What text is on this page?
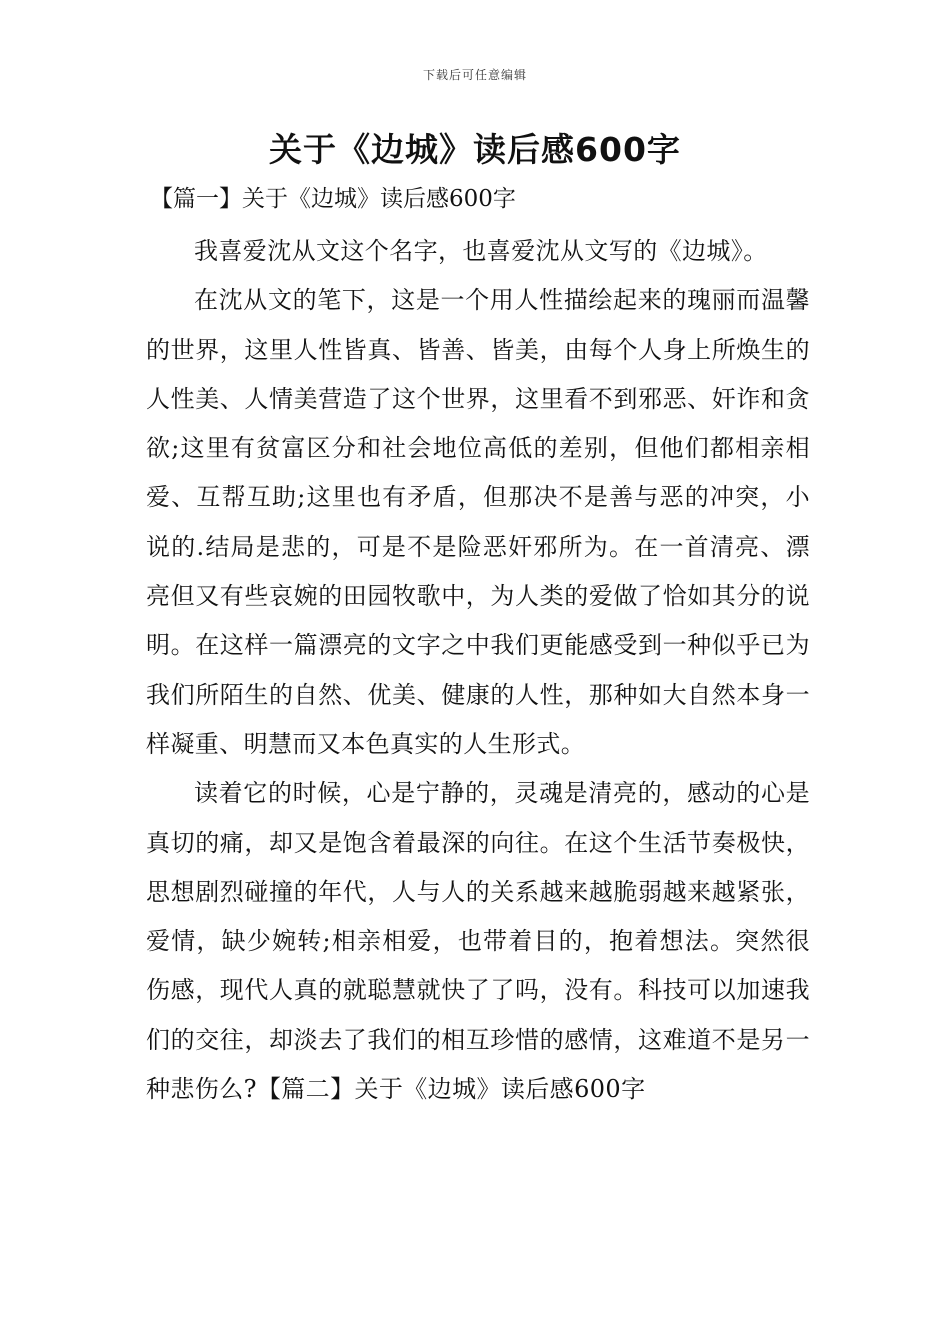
下载后可任意编辑
关于《边城》读后感600字
【篇一】关于《边城》读后感600字

我喜爱沈从文这个名字，也喜爱沈从文写的《边城》。

在沈从文的笔下，这是一个用人性描绘起来的瑰丽而温馨的世界，这里人性皆真、皆善、皆美，由每个人身上所焕生的人性美、人情美营造了这个世界，这里看不到邪恶、奸诈和贪欲;这里有贫富区分和社会地位高低的差别，但他们都相亲相爱、互帮互助;这里也有矛盾，但那决不是善与恶的冲突，小说的.结局是悲的，可是不是险恶奸邪所为。在一首清亮、漂亮但又有些哀婉的田园牧歌中，为人类的爱做了恰如其分的说明。在这样一篇漂亮的文字之中我们更能感受到一种似乎已为我们所陌生的自然、优美、健康的人性，那种如大自然本身一样凝重、明慧而又本色真实的人生形式。

读着它的时候，心是宁静的，灵魂是清亮的，感动的心是真切的痛，却又是饱含着最深的向往。在这个生活节奏极快，思想剧烈碰撞的年代，人与人的关系越来越脆弱越来越紧张，爱情，缺少婉转;相亲相爱，也带着目的，抱着想法。突然很伤感，现代人真的就聪慧就快了了吗，没有。科技可以加速我们的交往，却淡去了我们的相互珍惜的感情，这难道不是另一种悲伤么?【篇二】关于《边城》读后感600字
